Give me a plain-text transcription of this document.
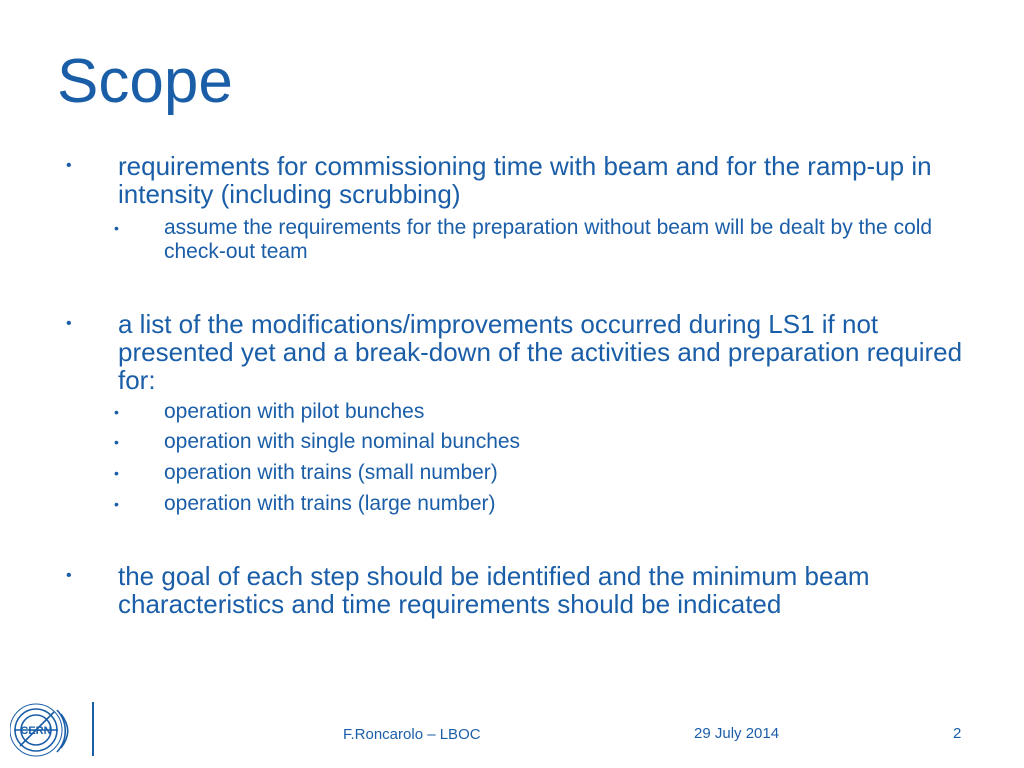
Scope
• requirements for commissioning time with beam and for the ramp-up in intensity (including scrubbing)
• assume the requirements for the preparation without beam will be dealt by the cold check-out team
• a list of the modifications/improvements occurred during LS1 if not presented yet and a break-down of the activities and preparation required for:
• operation with pilot bunches
• operation with single nominal bunches
• operation with trains (small number)
• operation with trains (large number)
• the goal of each step should be identified and the minimum beam characteristics and time requirements should be indicated
CERN	F.Roncarolo – LBOC	29 July 2014	2
